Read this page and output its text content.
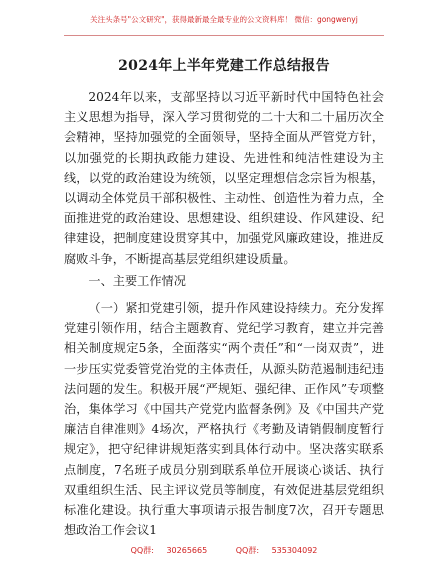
关注头条号"公文研究"，获得最新最全最专业的公文资料库！ 微信：gongwenyj
2024年上半年党建工作总结报告
2024年以来，支部坚持以习近平新时代中国特色社会主义思想为指导，深入学习贯彻党的二十大和二十届历次全会精神，坚持加强党的全面领导，坚持全面从严管党方针，以加强党的长期执政能力建设、先进性和纯洁性建设为主线，以党的政治建设为统领，以坚定理想信念宗旨为根基，以调动全体党员干部积极性、主动性、创造性为着力点，全面推进党的政治建设、思想建设、组织建设、作风建设、纪律建设，把制度建设贯穿其中，加强党风廉政建设，推进反腐败斗争，不断提高基层党组织建设质量。
一、主要工作情况
（一）紧扣党建引领，提升作风建设持续力。充分发挥党建引领作用，结合主题教育、党纪学习教育，建立并完善相关制度规定5条，全面落实“两个责任”和“一岗双责”，进一步压实党委管党治党的主体责任，从源头防范遏制违纪违法问题的发生。积极开展“严规矩、强纪律、正作风”专项整治，集体学习《中国共产党党内监督条例》及《中国共产党廉洁自律准则》4场次，严格执行《考勤及请销假制度暂行规定》，把守纪律讲规矩落实到具体行动中。坚决落实联系点制度，7名班子成员分别到联系单位开展谈心谈话、执行双重组织生活、民主评议党员等制度，有效促进基层党组织标准化建设。执行重大事项请示报告制度7次，召开专题思想政治工作会议1
QQ群: 30265665	QQ群: 535304092
